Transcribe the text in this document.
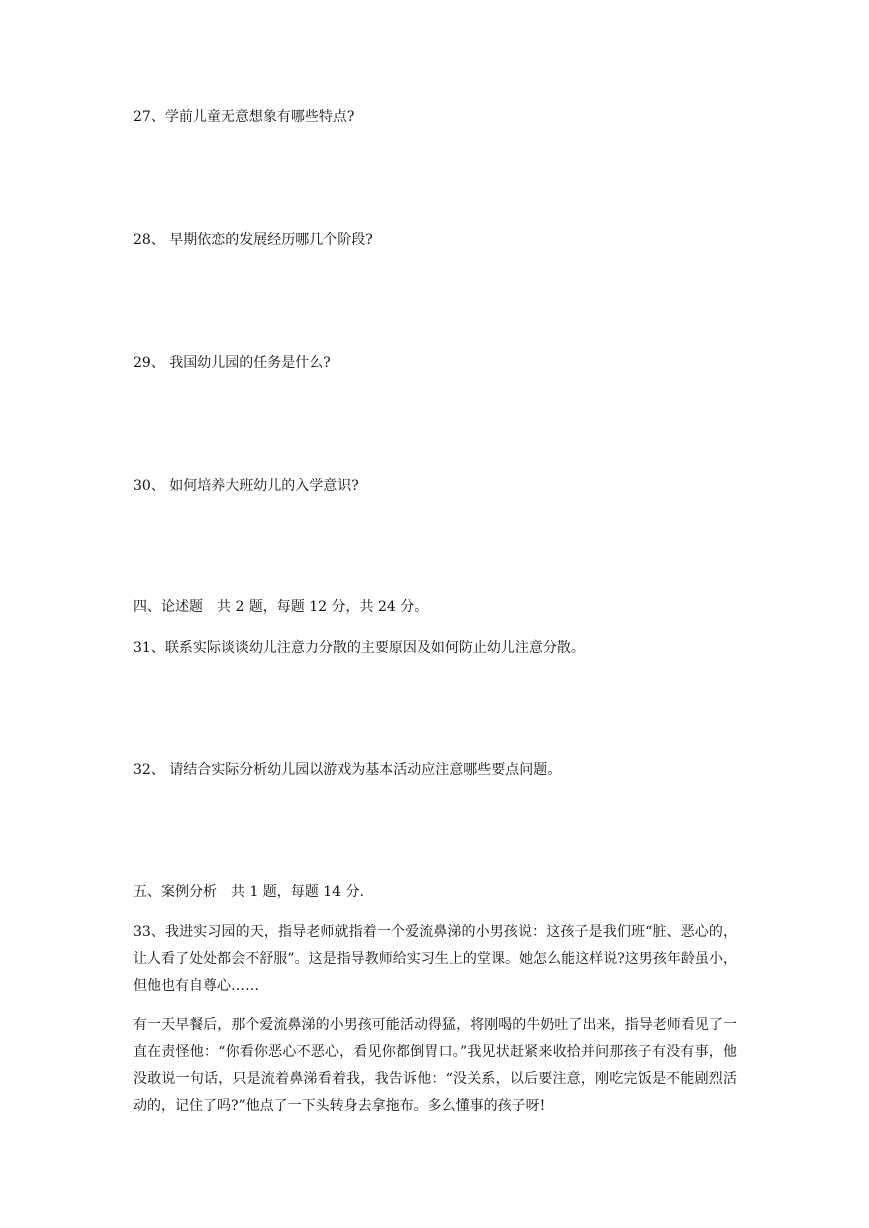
27、学前儿童无意想象有哪些特点?
28、 早期依恋的发展经历哪几个阶段?
29、 我国幼儿园的任务是什么?
30、 如何培养大班幼儿的入学意识?
四、论述题　共 2 题，每题 12 分，共 24 分。
31、联系实际谈谈幼儿注意力分散的主要原因及如何防止幼儿注意分散。
32、 请结合实际分析幼儿园以游戏为基本活动应注意哪些要点问题。
五、案例分析　共 1 题，每题 14 分.
33、我进实习园的天，指导老师就指着一个爱流鼻涕的小男孩说：这孩子是我们班“脏、恶心的，让人看了处处都会不舒服”。这是指导教师给实习生上的堂课。她怎么能这样说?这男孩年龄虽小，但他也有自尊心……
有一天早餐后，那个爱流鼻涕的小男孩可能活动得猛，将刚喝的牛奶吐了出来，指导老师看见了一直在责怪他：“你看你恶心不恶心，看见你都倒胃口。”我见状赶紧来收拾并问那孩子有没有事，他没敢说一句话，只是流着鼻涕看着我，我告诉他：“没关系，以后要注意，刚吃完饭是不能剧烈活动的，记住了吗?”他点了一下头转身去拿拖布。多么懂事的孩子呀!
